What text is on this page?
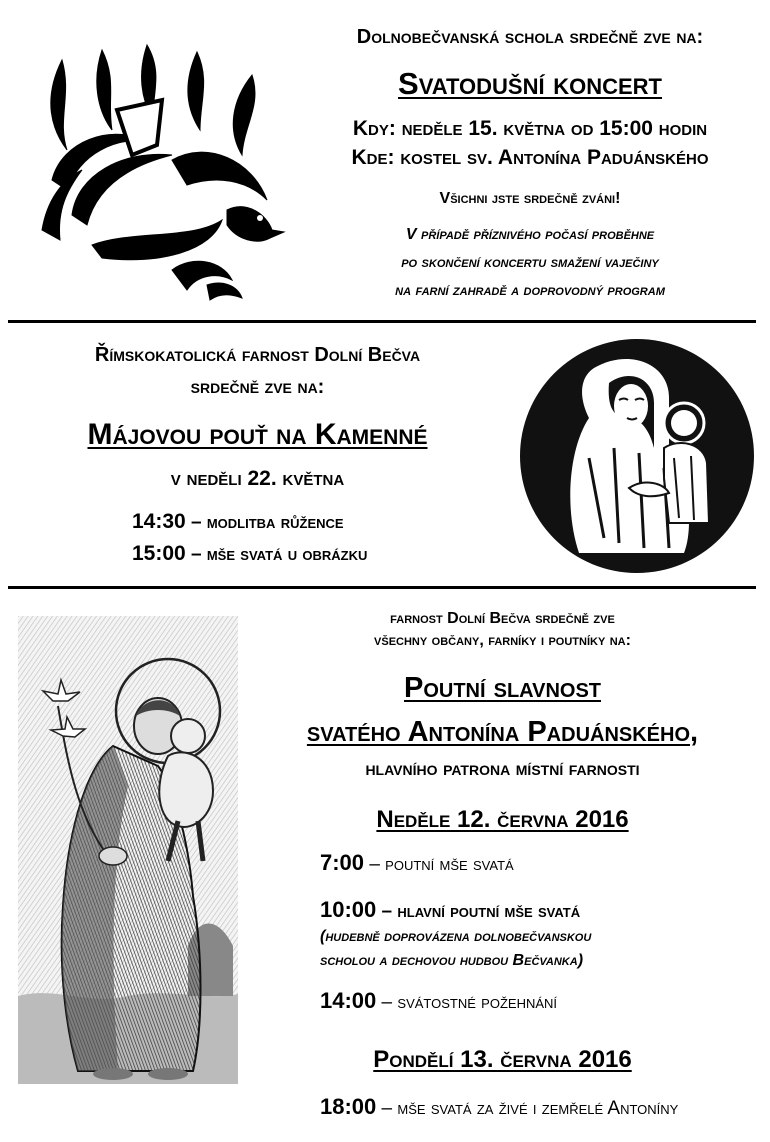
Dolnobečvanská schola srdečně zve na:
Svatodušní koncert
Kdy: neděle 15. května od 15:00 hodin
Kde: kostel sv. Antonína Paduánského
Všichni jste srdečně zváni!
V případě příznivého počasí proběhne
po skončení koncertu smažení vaječiny
na farní zahradě a doprovodný program
Římskokatolická farnost Dolní Bečva
srdečně zve na:
Májovou pouť na Kamenné
v neděli 22. května
14:30 – modlitba růžence
15:00 – mše svatá u obrázku
farnost Dolní Bečva srdečně zve
všechny občany, farníky i poutníky na:
Poutní slavnost
svatého Antonína Paduánského,
hlavního patrona místní farnosti
Neděle 12. června 2016
7:00 – poutní mše svatá
10:00 – hlavní poutní mše svatá
(hudebně doprovázena dolnobečvanskou
scholou a dechovou hudbou Bečvanka)
14:00 – svátostné požehnání
Pondělí 13. června 2016
18:00 – mše svatá za živé i zemřelé Antoníny
